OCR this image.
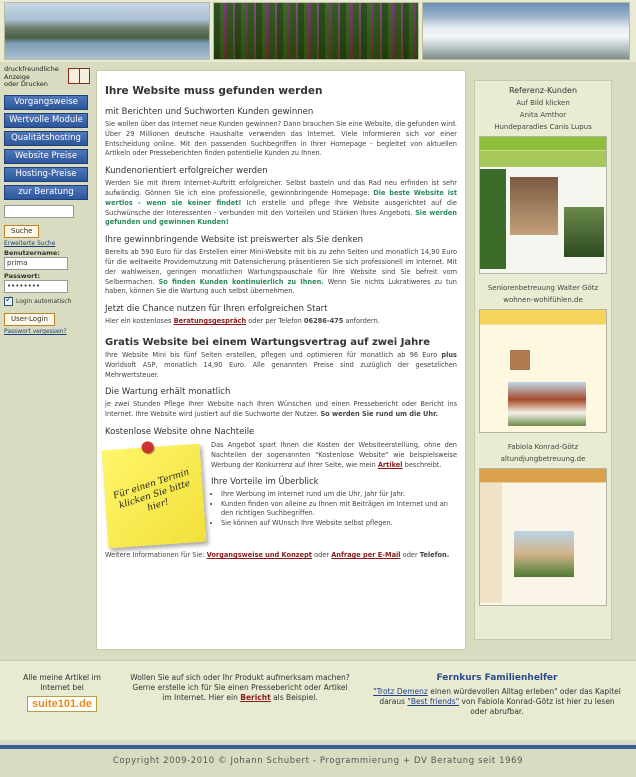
druckfreundliche
Anzeige
oder Drucken
Vorgangsweise
Wertvolle Module
Qualitätshosting
Website Preise
Hosting-Preise
zur Beratung
Suche
Erweiterte Suche
Benutzername:
prima
Passwort:
••••••••
✓
Login automatisch
User-Login
Passwort vergessen?
Ihre Website muss gefunden werden
mit Berichten und Suchworten Kunden gewinnen

Sie wollen über das Internet neue Kunden gewinnen? Dann brauchen Sie eine Website, die gefunden wird. Über 29 Millionen deutsche Haushalte verwenden das Internet. Viele informieren sich vor einer Entscheidung online. Mit den passenden Suchbegriffen in Ihrer Homepage - begleitet von aktuellen Artikeln oder Presseberichten finden potentielle Kunden zu Ihnen.

Kundenorientiert erfolgreicher werden

Werden Sie mit Ihrem Internet-Auftritt erfolgreicher. Selbst basteln und das Rad neu erfinden ist sehr aufwändig. Gönnen Sie ich eine professionelle, gewinnbringende Homepage: Die beste Website ist wertlos - wenn sie keiner findet! Ich erstelle und pflege Ihre Website ausgerichtet auf die Suchwünsche der Interessenten - verbunden mit den Vorteilen und Stärken Ihres Angebots. Sie werden gefunden und gewinnen Kunden!

Ihre gewinnbringende Website ist preiswerter als Sie denken

Bereits ab 590 Euro für das Erstellen einer Mini-Website mit bis zu zehn Seiten und monatlich 14,90 Euro für die weltweite Providernutzung mit Datensicherung präsentieren Sie sich professionell im Internet. Mit der wahlweisen, geringen monatlichen Wartungspauschale für Ihre Website sind Sie befreit vom Selbermachen. So finden Kunden kontinuierlich zu Ihnen. Wenn Sie nichts Lukratiweres zu tun haben, können Sie die Wartung auch selbst übernehmen.

Jetzt die Chance nutzen für Ihren erfolgreichen Start

Hier ein kostenloses Beratungsgespräch oder per Telefon 06286-475 anfordern.

Gratis Website bei einem Wartungsvertrag auf zwei Jahre

Ihre Website Mini bis fünf Seiten erstellen, pflegen und optimieren für monatlich ab 96 Euro plus Worldsoft ASP, monatlich 14,90 Euro. Alle genannten Preise sind zuzüglich der gesetzlichen Mehrwertsteuer.

Die Wartung erhält monatlich

je zwei Stunden Pflege Ihrer Website nach Ihren Wünschen und einen Pressebericht oder Bericht ins Internet. Ihre Website wird justiert auf die Suchworte der Nutzer. So werden Sie rund um die Uhr.

Kostenlose Website ohne Nachteile
Für einen Termin klicken Sie bitte hier!

Das Angebot spart Ihnen die Kosten der Websiteerstellung, ohne den Nachteilen der sogenannten "Kostenlose Website" wie beispielsweise Werbung der Konkurrenz auf Ihrer Seite, wie mein Artikel beschreibt.

Ihre Vorteile im Überblick
• Ihre Werbung im Internet rund um die Uhr, Jahr für Jahr.
• Kunden finden von alleine zu Ihnen mit Beiträgen im Internet und an den richtigen Suchbegriffen.
• Sie können auf WUnsch Ihre Website selbst pflegen.

Weitere Informationen für Sie: Vorgangsweise und Konzept oder Anfrage per E-Mail oder Telefon.

Referenz-Kunden
Auf Bild klicken
Anita Amthor
Hundeparadies Canis Lupus
Seniorenbetreuung Walter Götz
wohnen-wohlfühlen.de
Fabiola Konrad-Götz
altundjungbetreuung.de
Alle meine Artikel im Internet bei
suite101.de
Wollen Sie auf sich oder Ihr Produkt aufmerksam machen?
Gerne erstelle ich für Sie einen Pressebericht oder Artikel im Internet. Hier ein Bericht als Beispiel.
Fernkurs Familienhelfer
"Trotz Demenz einen würdevollen Alltag erleben" oder das Kapitel daraus "Best friends" von Fabiola Konrad-Götz ist hier zu lesen oder abrufbar.
Copyright 2009-2010 © Johann Schubert - Programmierung + DV Beratung seit 1969
